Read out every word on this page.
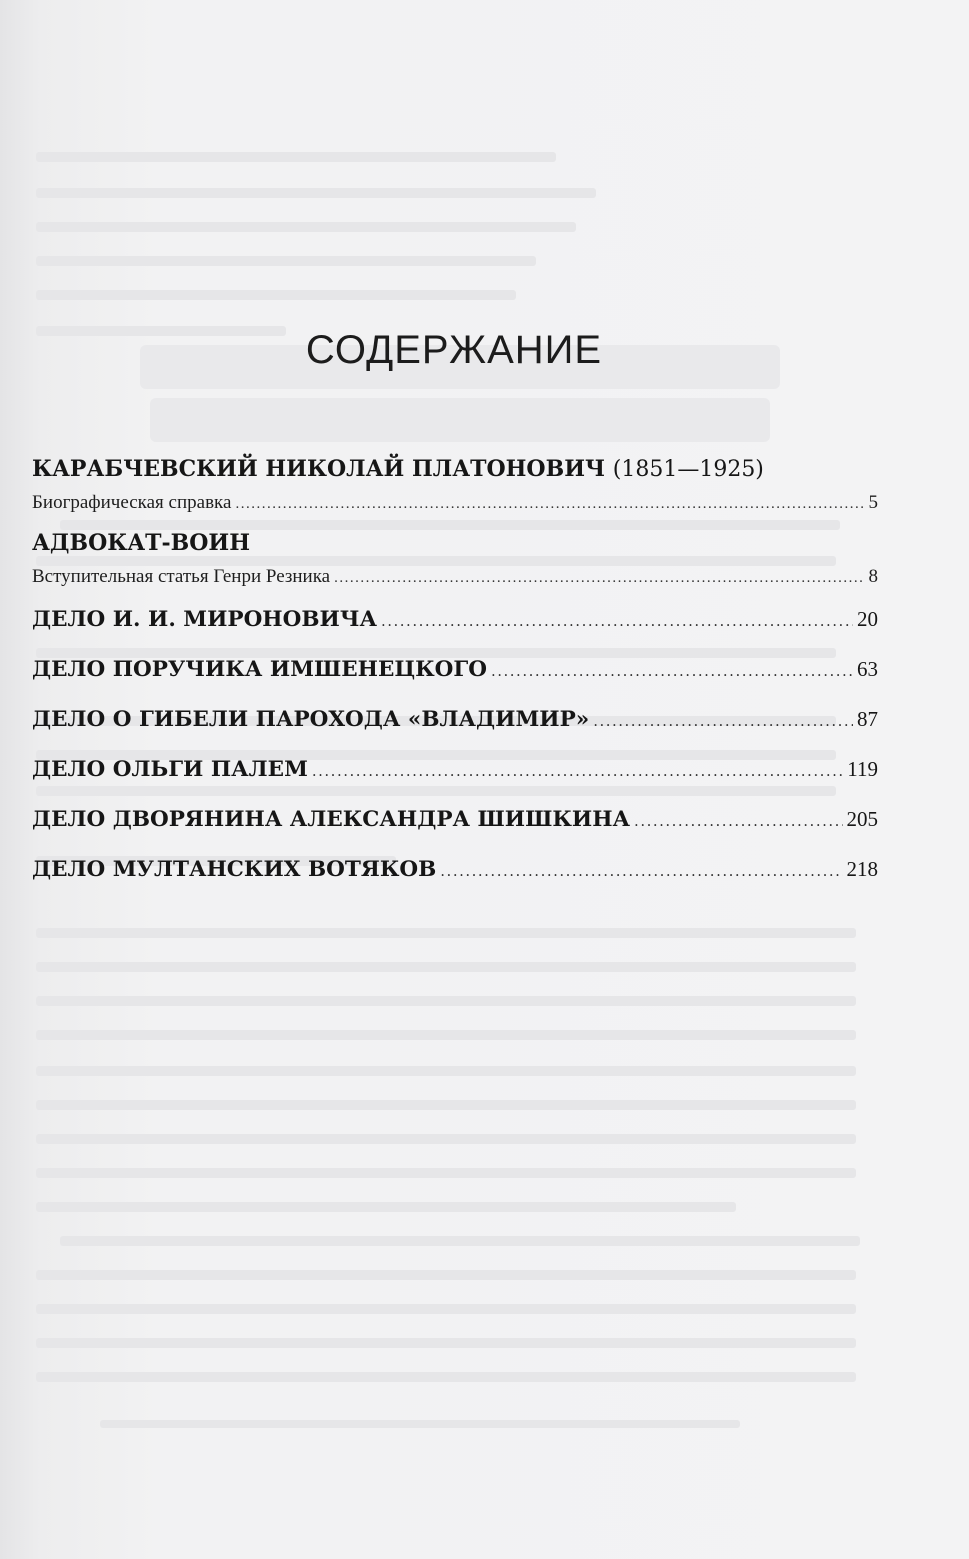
СОДЕРЖАНИЕ
КАРАБЧЕВСКИЙ НИКОЛАЙ ПЛАТОНОВИЧ
(1851—1925)
Биографическая справка .....	5
АДВОКАТ-ВОИН
Вступительная статья Генри Резника .....	8
ДЕЛО И. И. МИРОНОВИЧА .....	20
ДЕЛО ПОРУЧИКА ИМШЕНЕЦКОГО .....	63
ДЕЛО О ГИБЕЛИ ПАРОХОДА «ВЛАДИМИР» .....	87
ДЕЛО ОЛЬГИ ПАЛЕМ .....	119
ДЕЛО ДВОРЯНИНА АЛЕКСАНДРА ШИШКИНА .....	205
ДЕЛО МУЛТАНСКИХ ВОТЯКОВ .....	218
